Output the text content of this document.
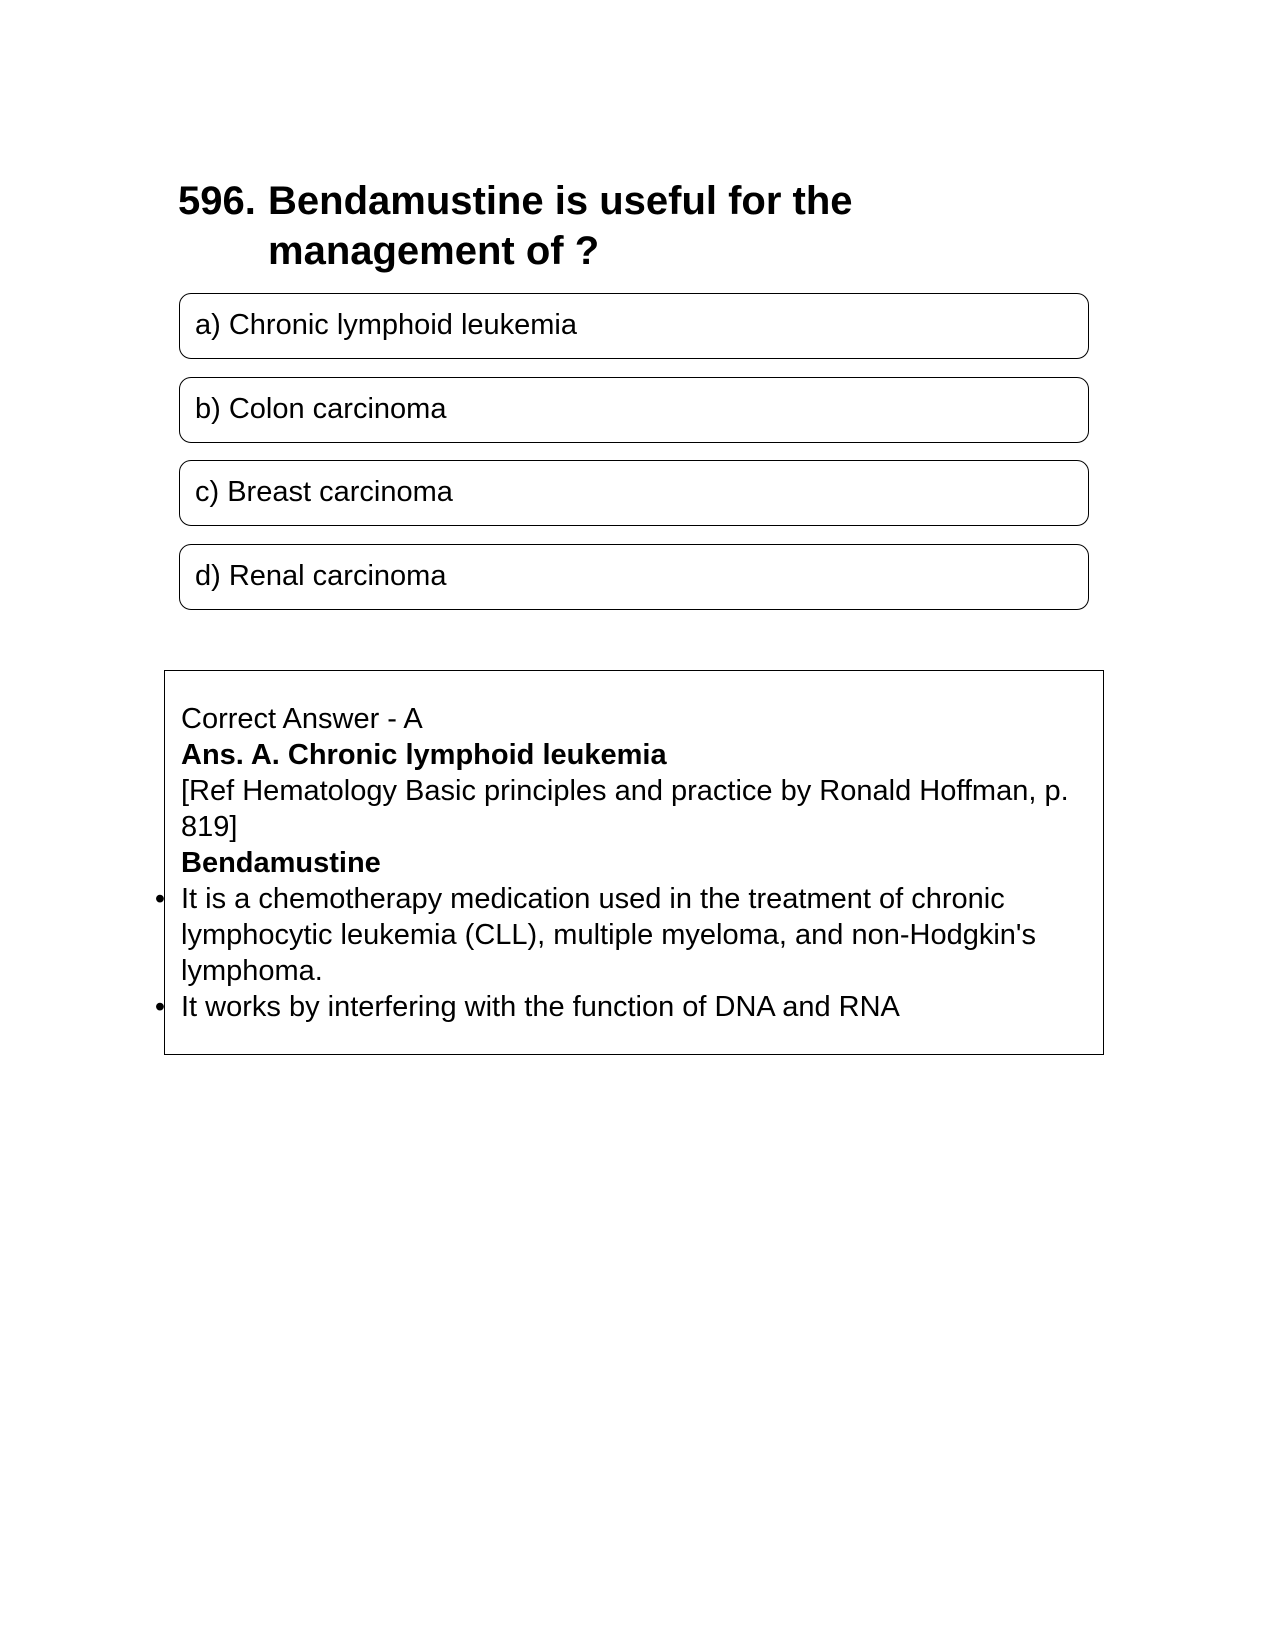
596. Bendamustine is useful for the management of ?
a) Chronic lymphoid leukemia
b) Colon carcinoma
c) Breast carcinoma
d) Renal carcinoma

Correct Answer - A

Ans. A. Chronic lymphoid leukemia

[Ref Hematology Basic principles and practice by Ronald Hoffman, p. 819]

Bendamustine

• It is a chemotherapy medication used in the treatment of chronic lymphocytic leukemia (CLL), multiple myeloma, and non-Hodgkin's lymphoma.
• It works by interfering with the function of DNA and RNA
